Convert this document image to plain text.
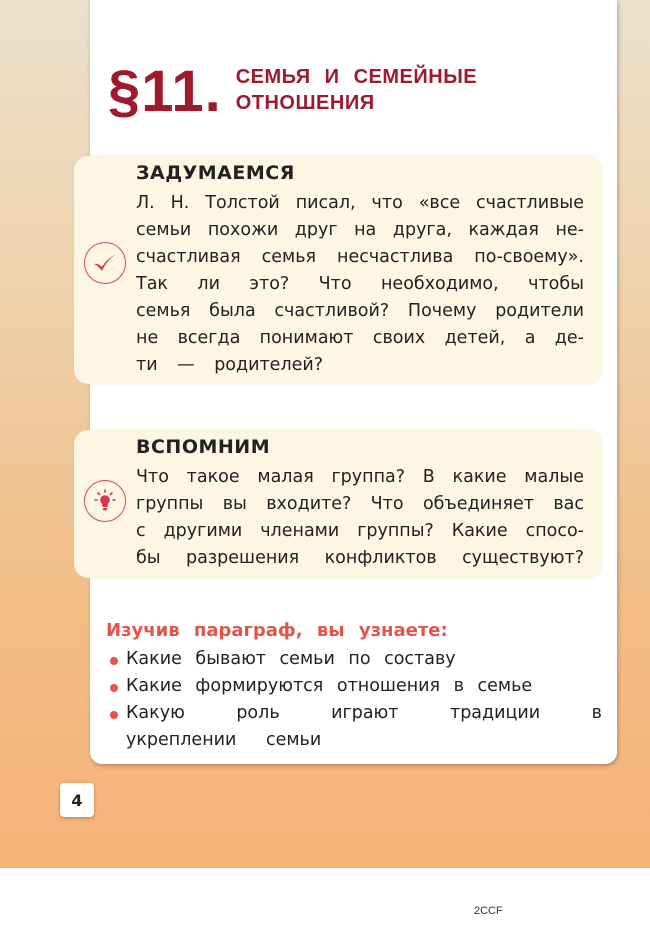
§11. СЕМЬЯ И СЕМЕЙНЫЕ
ОТНОШЕНИЯ
ЗАДУМАЕМСЯ
Л. Н. Толстой писал, что «все счастливые
семьи похожи друг на друга, каждая не-
счастливая семья несчастлива по-своему».
Так ли это? Что необходимо, чтобы
семья была счастливой? Почему родители
не всегда понимают своих детей, а де-
ти — родителей?
ВСПОМНИМ
Что такое малая группа? В какие малые
группы вы входите? Что объединяет вас
с другими членами группы? Какие спосо-
бы разрешения конфликтов существуют?
Изучив параграф, вы узнаете:
Какие бывают семьи по составу
Какие формируются отношения в семье
Какую роль играют традиции в укреплении семьи
4
2CCF
